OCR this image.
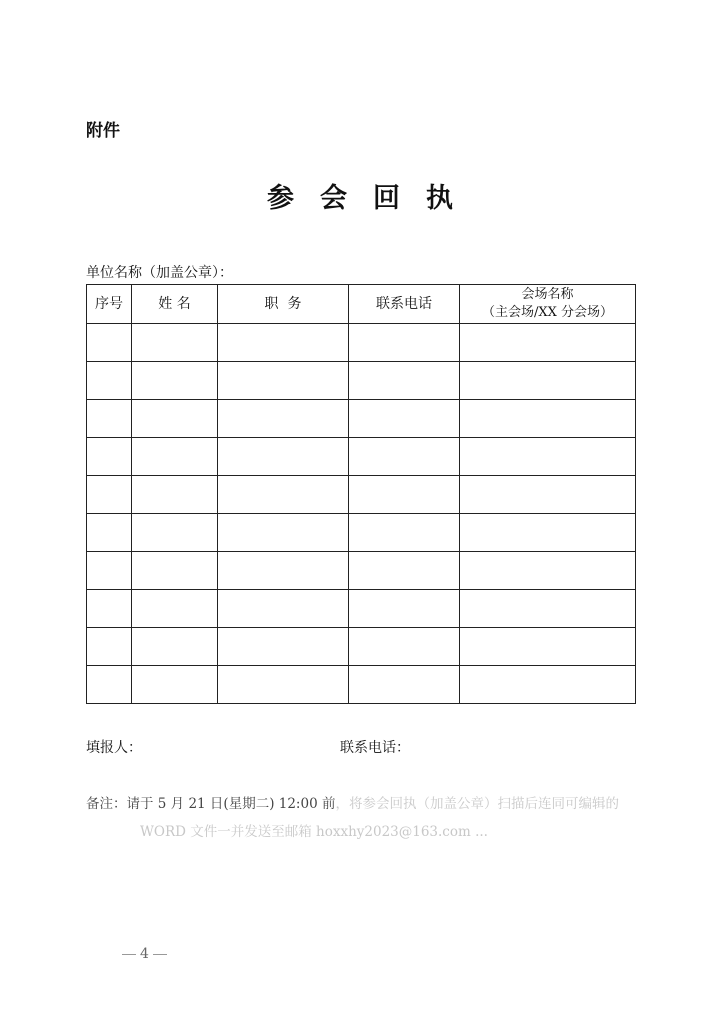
附件
参会回执
单位名称（加盖公章）：
序号	姓 名	职  务	联系电话	会场名称
（主会场/XX 分会场）

填报人：	联系电话：
备注：请于 5 月 21 日(星期二) 12:00 前，将参会回执（加盖公章）扫描后连同可编辑的
WORD 文件一并发送至邮箱 hoxxhy2023@163.com ...
4
